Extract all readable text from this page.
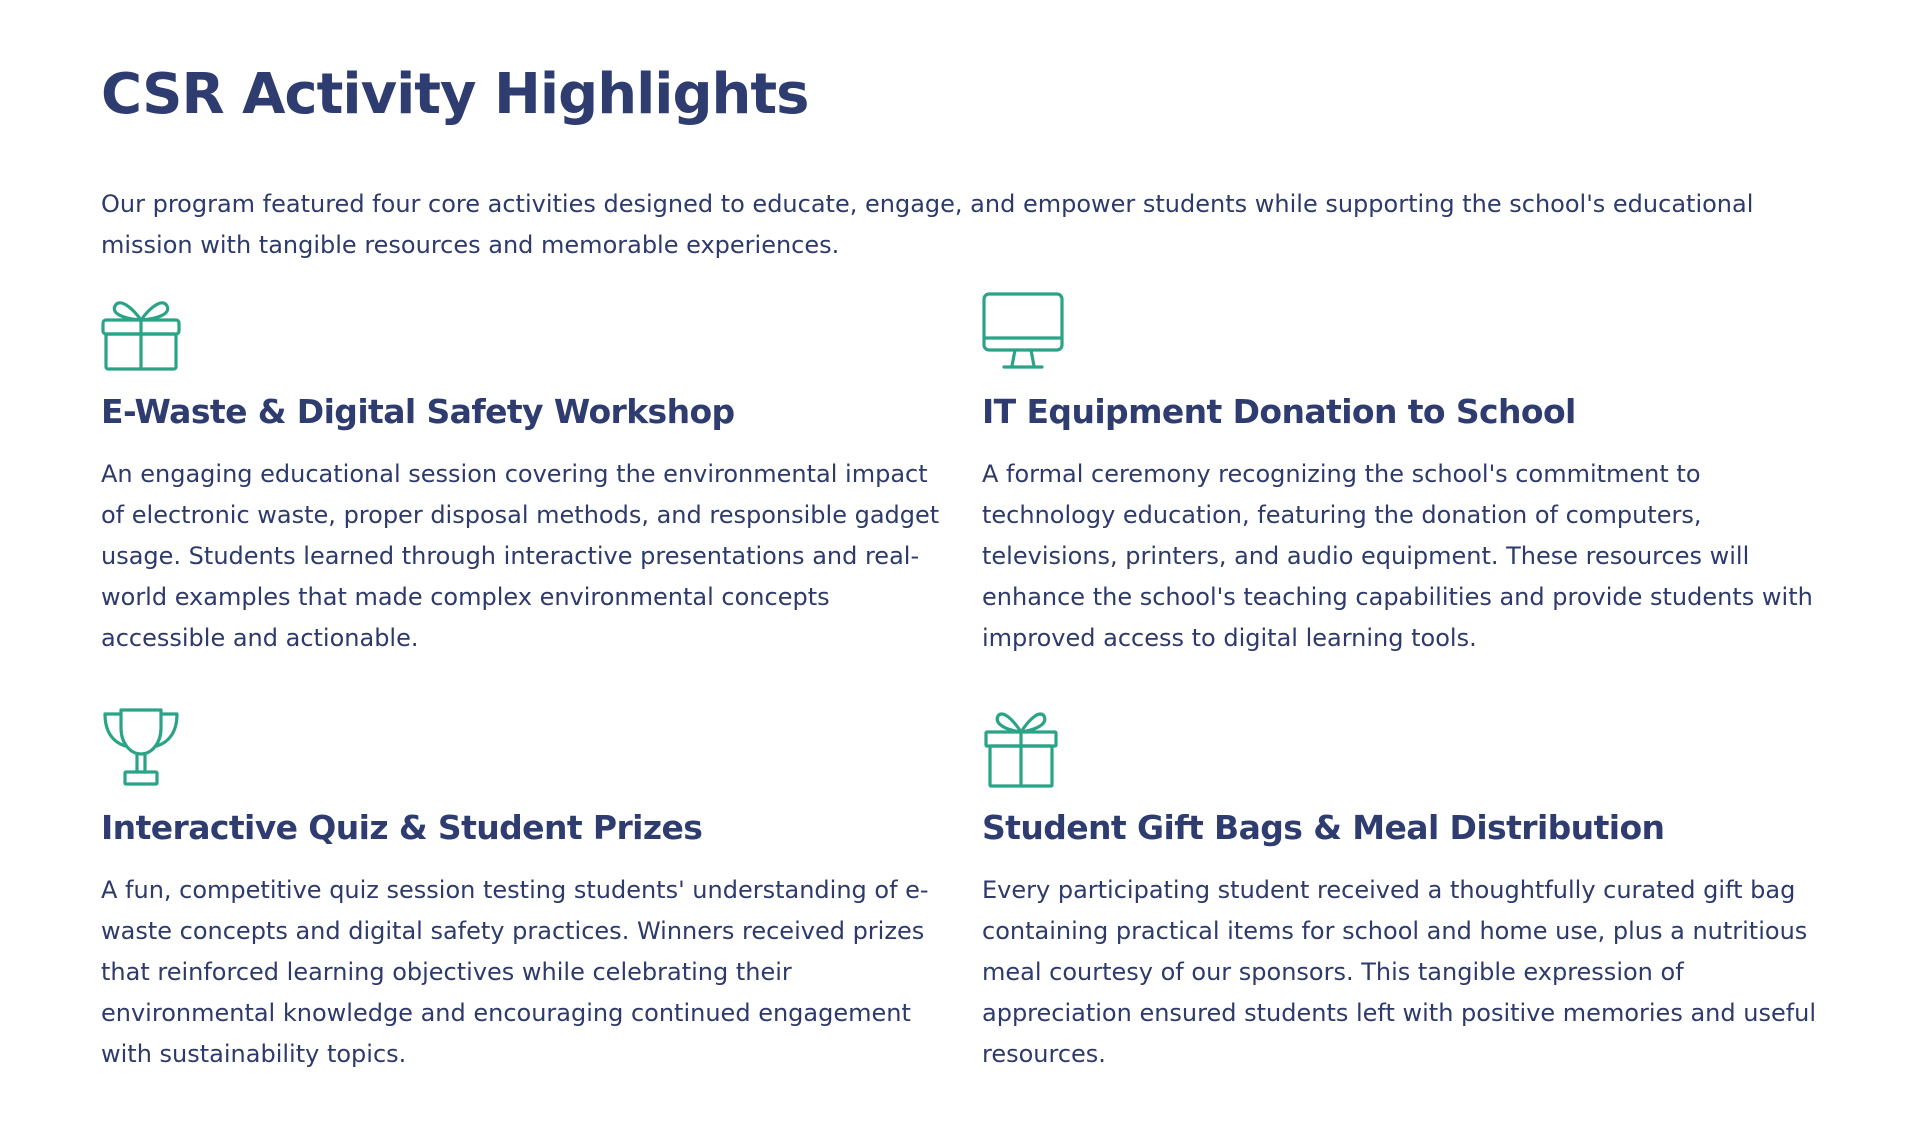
CSR Activity Highlights

Our program featured four core activities designed to educate, engage, and empower students while supporting the school's educational mission with tangible resources and memorable experiences.

E-Waste & Digital Safety Workshop

An engaging educational session covering the environmental impact of electronic waste, proper disposal methods, and responsible gadget usage. Students learned through interactive presentations and real-world examples that made complex environmental concepts accessible and actionable.

IT Equipment Donation to School

A formal ceremony recognizing the school's commitment to technology education, featuring the donation of computers, televisions, printers, and audio equipment. These resources will enhance the school's teaching capabilities and provide students with improved access to digital learning tools.

Interactive Quiz & Student Prizes

A fun, competitive quiz session testing students' understanding of e-waste concepts and digital safety practices. Winners received prizes that reinforced learning objectives while celebrating their environmental knowledge and encouraging continued engagement with sustainability topics.

Student Gift Bags & Meal Distribution

Every participating student received a thoughtfully curated gift bag containing practical items for school and home use, plus a nutritious meal courtesy of our sponsors. This tangible expression of appreciation ensured students left with positive memories and useful resources.
